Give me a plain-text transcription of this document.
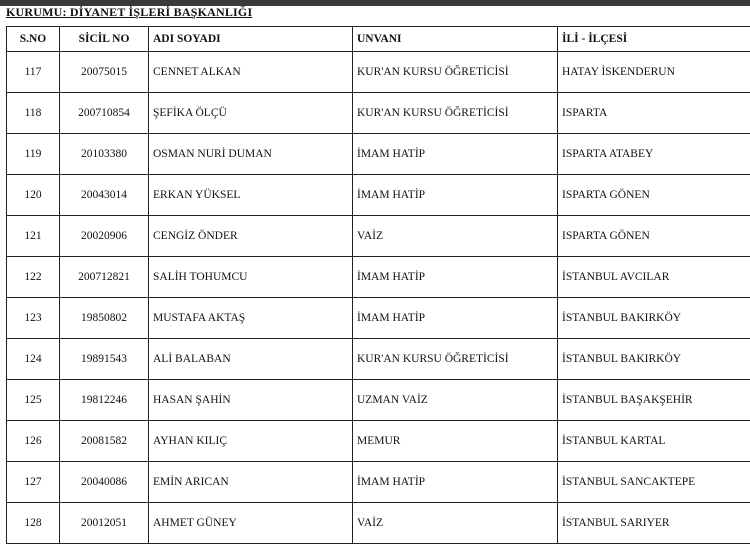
KURUMU: DİYANET İŞLERİ BAŞKANLIĞI
S.NO	SİCİL NO	ADI SOYADI	UNVANI	İLİ - İLÇESİ
117	20075015	CENNET ALKAN	KUR'AN KURSU ÖĞRETİCİSİ	HATAY İSKENDERUN
118	200710854	ŞEFİKA ÖLÇÜ	KUR'AN KURSU ÖĞRETİCİSİ	ISPARTA
119	20103380	OSMAN NURİ DUMAN	İMAM HATİP	ISPARTA ATABEY
120	20043014	ERKAN YÜKSEL	İMAM HATİP	ISPARTA GÖNEN
121	20020906	CENGİZ ÖNDER	VAİZ	ISPARTA GÖNEN
122	200712821	SALİH TOHUMCU	İMAM HATİP	İSTANBUL AVCILAR
123	19850802	MUSTAFA AKTAŞ	İMAM HATİP	İSTANBUL BAKIRKÖY
124	19891543	ALİ BALABAN	KUR'AN KURSU ÖĞRETİCİSİ	İSTANBUL BAKIRKÖY
125	19812246	HASAN ŞAHİN	UZMAN VAİZ	İSTANBUL BAŞAKŞEHİR
126	20081582	AYHAN KILIÇ	MEMUR	İSTANBUL KARTAL
127	20040086	EMİN ARICAN	İMAM HATİP	İSTANBUL SANCAKTEPE
128	20012051	AHMET GÜNEY	VAİZ	İSTANBUL SARIYER
